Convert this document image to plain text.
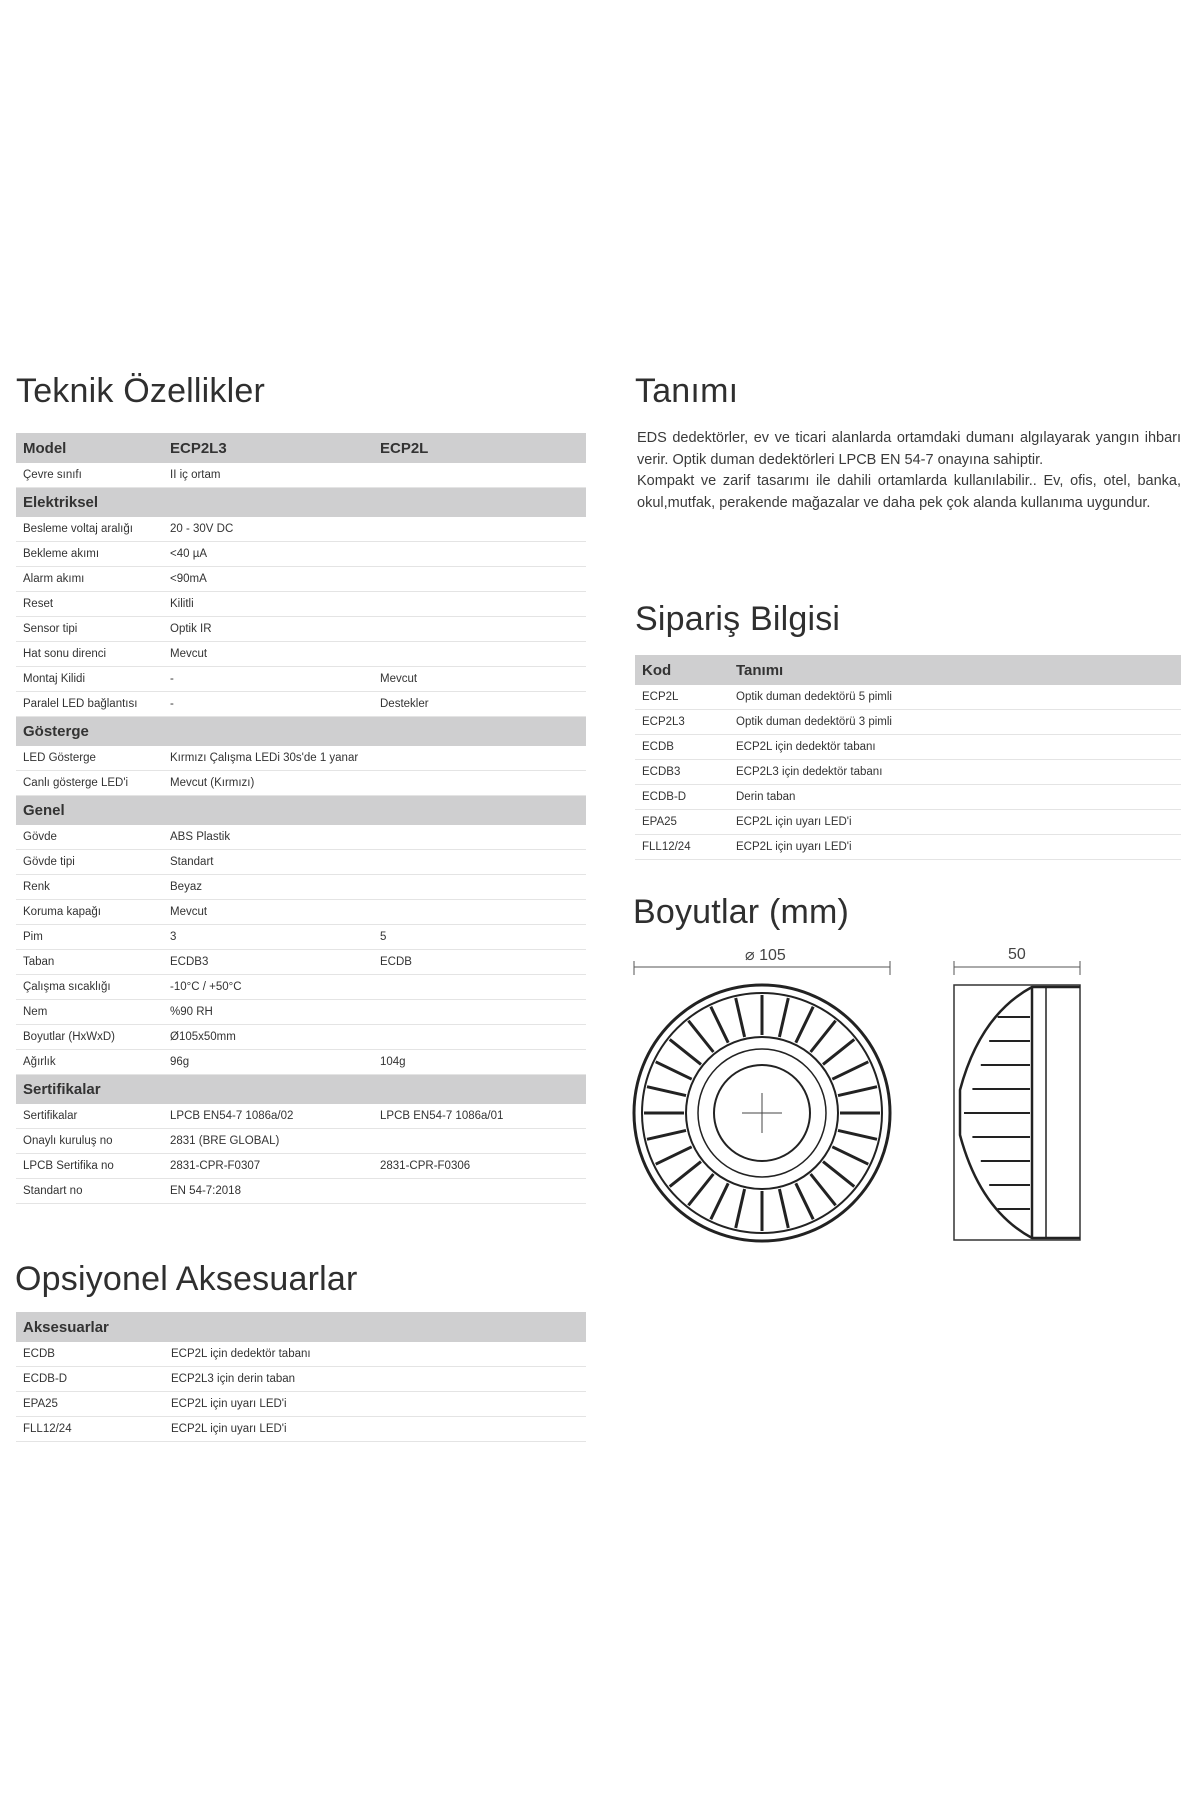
Teknik Özellikler
Model	ECP2L3	ECP2L
Çevre sınıfı	II iç ortam	
Elektriksel		
Besleme voltaj aralığı	20 - 30V DC	
Bekleme akımı	<40 µA	
Alarm akımı	<90mA	
Reset	Kilitli	
Sensor tipi	Optik IR	
Hat sonu direnci	Mevcut	
Montaj Kilidi	-	Mevcut
Paralel LED bağlantısı	-	Destekler
Gösterge		
LED Gösterge	Kırmızı Çalışma LEDi 30s'de 1 yanar	
Canlı gösterge LED'i	Mevcut (Kırmızı)	
Genel		
Gövde	ABS Plastik	
Gövde tipi	Standart	
Renk	Beyaz	
Koruma kapağı	Mevcut	
Pim	3	5
Taban	ECDB3	ECDB
Çalışma sıcaklığı	-10°C / +50°C	
Nem	%90 RH	
Boyutlar (HxWxD)	Ø105x50mm	
Ağırlık	96g	104g
Sertifikalar		
Sertifikalar	LPCB EN54-7 1086a/02	LPCB EN54-7 1086a/01
Onaylı kuruluş no	2831 (BRE GLOBAL)	
LPCB Sertifika no	2831-CPR-F0307	2831-CPR-F0306
Standart no	EN 54-7:2018	
Tanımı

EDS dedektörler, ev ve ticari alanlarda ortamdaki dumanı algılayarak yangın ihbarı verir. Optik duman dedektörleri LPCB EN 54-7 onayına sahiptir.

Kompakt ve zarif tasarımı ile dahili ortamlarda kullanılabilir.. Ev, ofis, otel, banka, okul,mutfak, perakende mağazalar ve daha pek çok alanda kullanıma uygundur.

Sipariş Bilgisi
Kod	Tanımı
ECP2L	Optik duman dedektörü 5 pimli
ECP2L3	Optik duman dedektörü 3 pimli
ECDB	ECP2L için dedektör tabanı
ECDB3	ECP2L3 için dedektör tabanı
ECDB-D	Derin taban
EPA25	ECP2L için uyarı LED'i
FLL12/24	ECP2L için uyarı LED'i
Boyutlar (mm)
⌀ 105	50
Opsiyonel Aksesuarlar
Aksesuarlar	
ECDB	ECP2L için dedektör tabanı
ECDB-D	ECP2L3 için derin taban
EPA25	ECP2L için uyarı LED'i
FLL12/24	ECP2L için uyarı LED'i
